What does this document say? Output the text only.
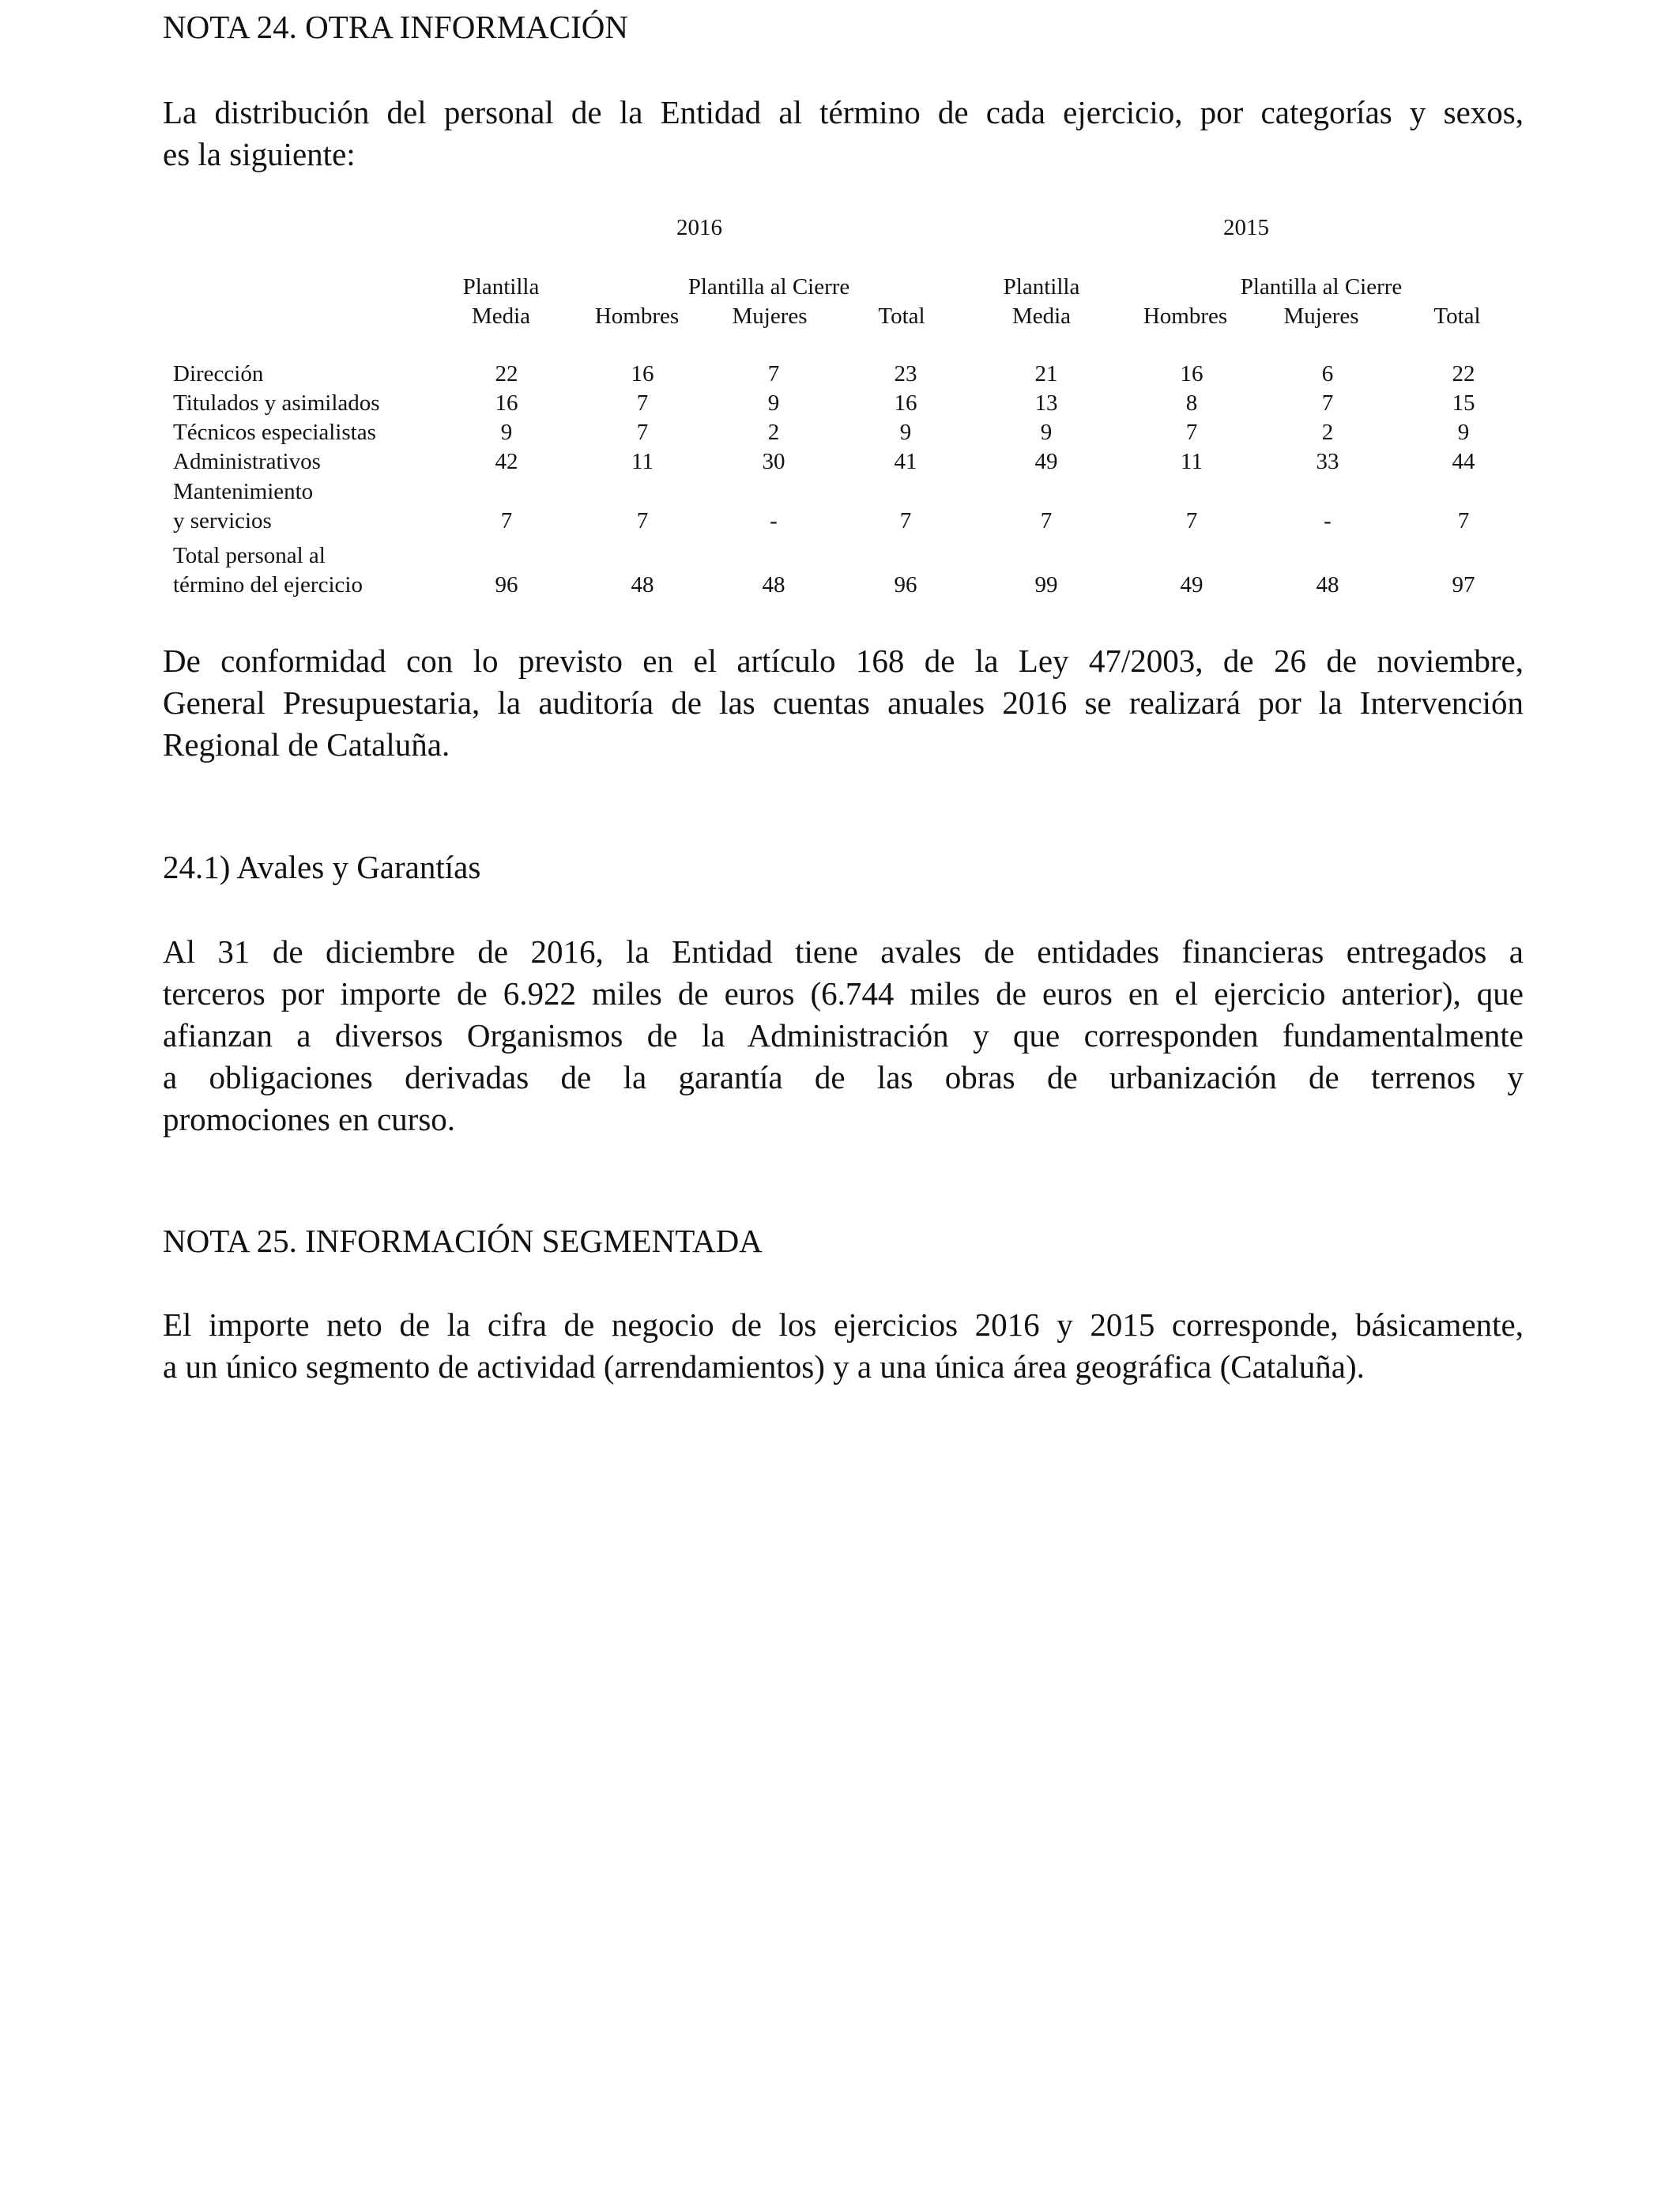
NOTA 24. OTRA INFORMACIÓN
La distribución del personal de la Entidad al término de cada ejercicio, por categorías y sexos,
es la siguiente:
2016	2015
Plantilla	Plantilla al Cierre	Plantilla	Plantilla al Cierre
Media	Hombres Mujeres	Total	Media	Hombres Mujeres	Total
Dirección	22	16	7	23	21	16	6	22
Titulados y asimilados	16	7	9	16	13	8	7	15
Técnicos especialistas	9	7	2	9	9	7	2	9
Administrativos	42	11	30	41	49	11	33	44
Mantenimiento
y servicios	7	7	-	7	7	7	-	7
Total personal al
término del ejercicio	96	48	48	96	99	49	48	97
De conformidad con lo previsto en el artículo 168 de la Ley 47/2003, de 26 de noviembre,
General Presupuestaria, la auditoría de las cuentas anuales 2016 se realizará por la Intervención
Regional de Cataluña.
24.1) Avales y Garantías
Al 31 de diciembre de 2016, la Entidad tiene avales de entidades financieras entregados a
terceros por importe de 6.922 miles de euros (6.744 miles de euros en el ejercicio anterior), que
afianzan a diversos Organismos de la Administración y que corresponden fundamentalmente
a obligaciones derivadas de la garantía de las obras de urbanización de terrenos y
promociones en curso.
NOTA 25. INFORMACIÓN SEGMENTADA
El importe neto de la cifra de negocio de los ejercicios 2016 y 2015 corresponde, básicamente,
a un único segmento de actividad (arrendamientos) y a una única área geográfica (Cataluña).
